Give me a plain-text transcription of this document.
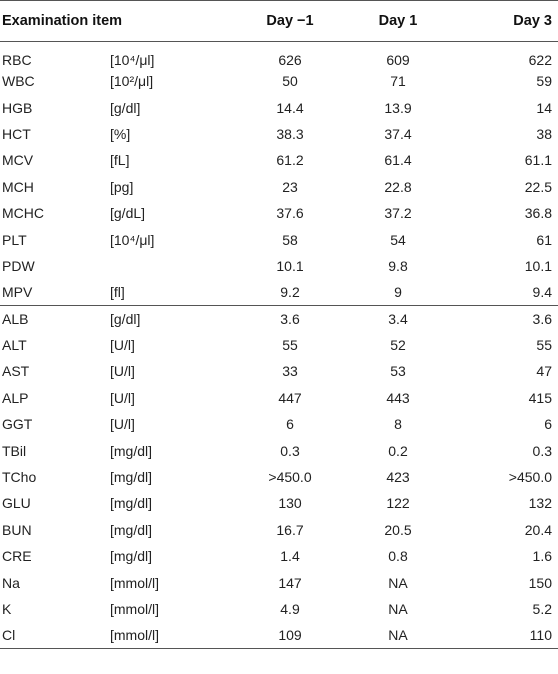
Examination item		Day −1	Day 1	Day 3
RBC	[10⁴/μl]	626	609	622
WBC	[10²/μl]	50	71	59
HGB	[g/dl]	14.4	13.9	14
HCT	[%]	38.3	37.4	38
MCV	[fL]	61.2	61.4	61.1
MCH	[pg]	23	22.8	22.5
MCHC	[g/dL]	37.6	37.2	36.8
PLT	[10⁴/μl]	58	54	61
PDW		10.1	9.8	10.1
MPV	[fl]	9.2	9	9.4
ALB	[g/dl]	3.6	3.4	3.6
ALT	[U/l]	55	52	55
AST	[U/l]	33	53	47
ALP	[U/l]	447	443	415
GGT	[U/l]	6	8	6
TBil	[mg/dl]	0.3	0.2	0.3
TCho	[mg/dl]	>450.0	423	>450.0
GLU	[mg/dl]	130	122	132
BUN	[mg/dl]	16.7	20.5	20.4
CRE	[mg/dl]	1.4	0.8	1.6
Na	[mmol/l]	147	NA	150
K	[mmol/l]	4.9	NA	5.2
Cl	[mmol/l]	109	NA	110
